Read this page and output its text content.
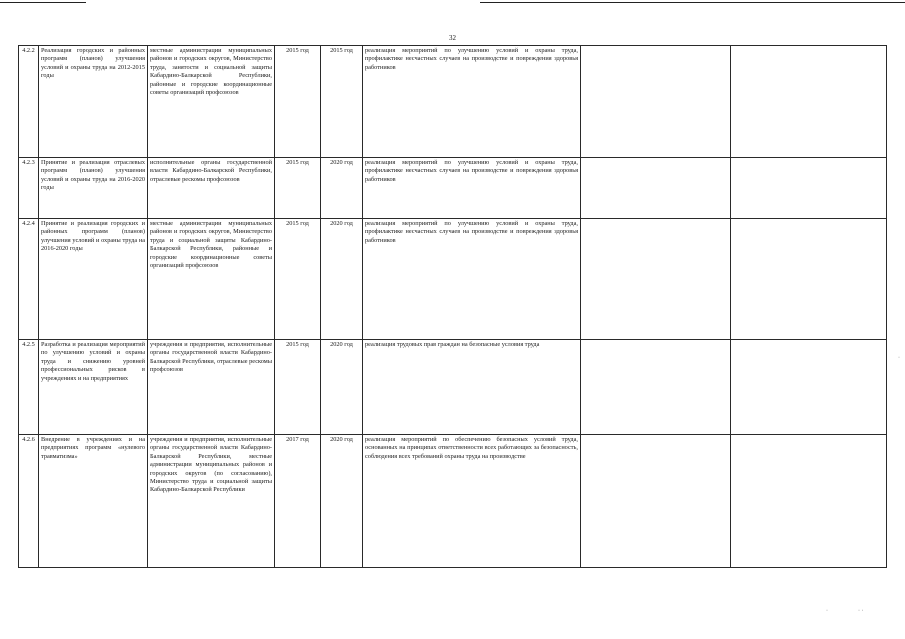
32
4.2.2	Реализация городских и районных программ (планов) улучшения условий и охраны труда на 2012-2015 годы	местные администрации муниципальных районов и городских округов, Министерство труда, занятости и социальной защиты Кабардино-Балкарской Республики, районные и городские координационные советы организаций профсоюзов	2015 год	2015 год	реализация мероприятий по улучшению условий и охраны труда, профилактике несчастных случаев на производстве и повреждения здоровья работников		
4.2.3	Принятие и реализация отраслевых программ (планов) улучшения условий и охраны труда на 2016-2020 годы	исполнительные органы государственной власти Кабардино-Балкарской Республики, отраслевые рескомы профсоюзов	2015 год	2020 год	реализация мероприятий по улучшению условий и охраны труда, профилактике несчастных случаев на производстве и повреждения здоровья работников		
4.2.4	Принятие и реализация городских и районных программ (планов) улучшения условий и охраны труда на 2016-2020 годы	местные администрации муниципальных районов и городских округов, Министерство труда и социальной защиты Кабардино-Балкарской Республики, районные и городские координационные советы организаций профсоюзов	2015 год	2020 год	реализация мероприятий по улучшению условий и охраны труда, профилактике несчастных случаев на производстве и повреждения здоровья работников		
4.2.5	Разработка и реализация мероприятий по улучшению условий и охраны труда и снижению уровней профессиональных рисков в учреждениях и на предприятиях	учреждения и предприятия, исполнительные органы государственной власти Кабардино-Балкарской Республики, отраслевые рескомы профсоюзов	2015 год	2020 год	реализация трудовых прав граждан на безопасные условия труда		
4.2.6	Внедрение в учреждениях и на предприятиях программ «нулевого травматизма»	учреждения и предприятия, исполнительные органы государственной власти Кабардино-Балкарской Республики, местные администрации муниципальных районов и городских округов (по согласованию), Министерство труда и социальной защиты Кабардино-Балкарской Республики	2017 год	2020 год	реализация мероприятий по обеспечению безопасных условий труда, основанных на принципах ответственности всех работающих за безопасность, соблюдения всех требований охраны труда на производстве		
·	· ·
·
